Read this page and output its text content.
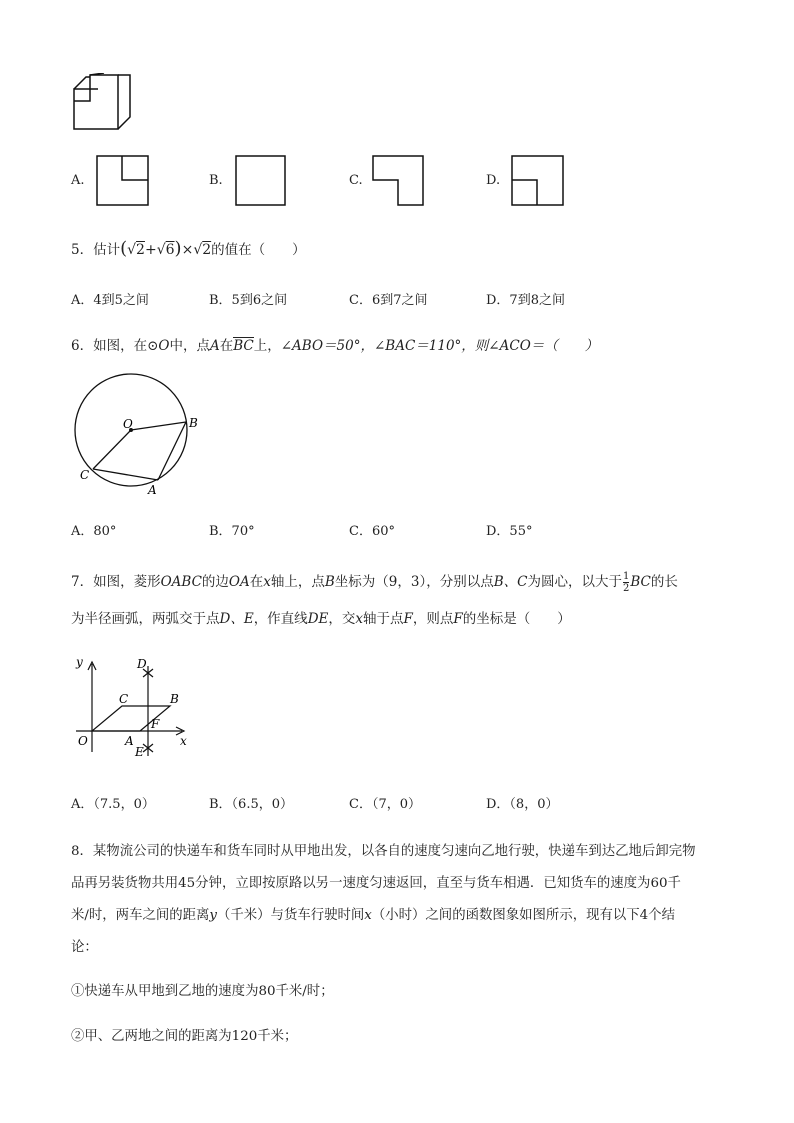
A.	B.	C.	D.
5．估计(√2+√6)×√2的值在（　　）
A．4到5之间	B．5到6之间	C．6到7之间	D．7到8之间
6．如图，在⊙O中，点A在BC上，∠ABO＝50°，∠BAC＝110°，则∠ACO＝（　　）
O	B
C
A
A．80°	B．70°	C．60°	D．55°
7．如图，菱形OABC的边OA在x轴上，点B坐标为（9，3），分别以点B、C为圆心，以大于 $\frac{1}{2}$ BC的长
为半径画弧，两弧交于点D、E，作直线DE，交x轴于点F，则点F的坐标是（　　）
y
x
O	A
B
C
D
E
F
A．（7.5，0）	B．（6.5，0）	C．（7，0）	D．（8，0）
8．某物流公司的快递车和货车同时从甲地出发，以各自的速度匀速向乙地行驶，快递车到达乙地后卸完物
品再另装货物共用45分钟，立即按原路以另一速度匀速返回，直至与货车相遇．已知货车的速度为60千
米/时，两车之间的距离y（千米）与货车行驶时间x（小时）之间的函数图象如图所示，现有以下4个结
论：
①快递车从甲地到乙地的速度为80千米/时；
②甲、乙两地之间的距离为120千米；
